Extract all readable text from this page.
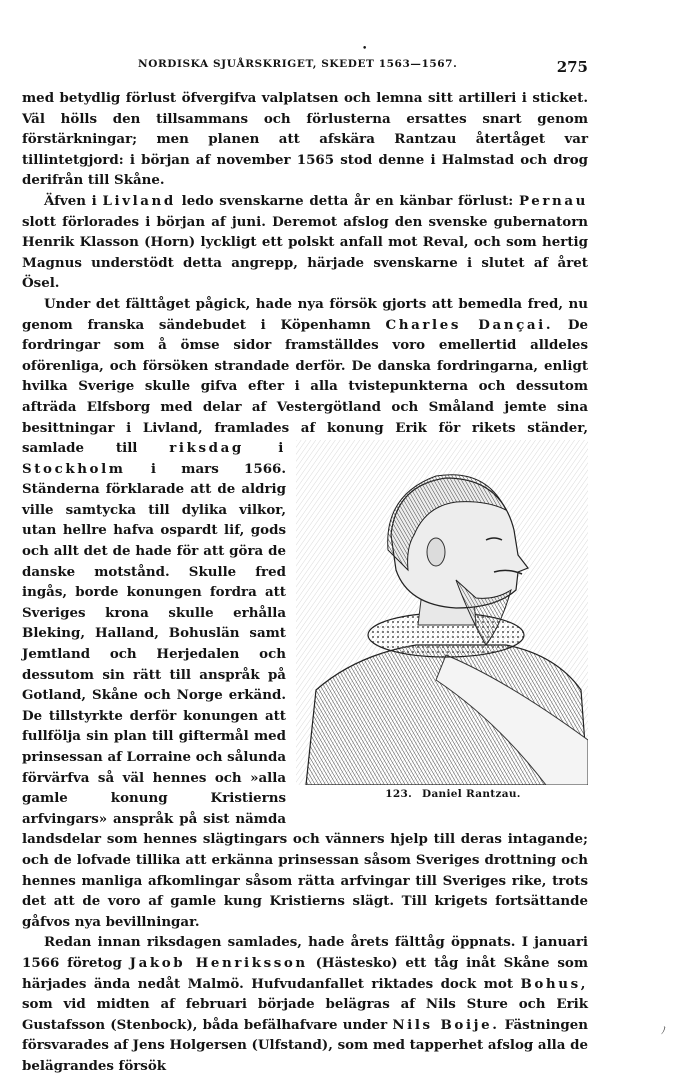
•
NORDISKA SJUÅRSKRIGET, SKEDET 1563—1567.	275

med betydlig förlust öfvergifva valplatsen och lemna sitt artilleri i sticket. Väl hölls den tillsammans och förlusterna ersattes snart genom förstärkningar; men planen att afskära Rantzau återtåget var tillintetgjord: i början af november 1565 stod denne i Halmstad och drog derifrån till Skåne.

Äfven i Livland ledo svenskarne detta år en känbar förlust: Pernau slott förlorades i början af juni. Deremot afslog den svenske gubernatorn Henrik Klasson (Horn) lyckligt ett polskt anfall mot Reval, och som hertig Magnus understödt detta angrepp, härjade svenskarne i slutet af året Ösel.

Under det fälttåget pågick, hade nya försök gjorts att bemedla fred, nu genom franska sändebudet i Köpenhamn Charles Dançai. De fordringar som å ömse sidor framställdes voro emellertid alldeles oförenliga, och försöken strandade derför. De danska fordringarna, enligt hvilka Sverige skulle gifva efter i alla tvistepunkterna och dessutom afträda Elfsborg med delar af Vestergötland och Småland jemte sina besittningar i Livland, framlades af konung Erik för rikets ständer, samlade till
123. Daniel Rantzau.
riksdag i Stockholm i mars 1566. Ständerna förklarade att de aldrig ville samtycka till dylika vilkor, utan hellre hafva ospardt lif, gods och allt det de hade för att göra de danske motstånd. Skulle fred ingås, borde konungen fordra att Sveriges krona skulle erhålla Bleking, Halland, Bohuslän samt Jemtland och Herjedalen och dessutom sin rätt till anspråk på Gotland, Skåne och Norge erkänd. De tillstyrkte derför konungen att fullfölja sin plan till giftermål med prinsessan af Lorraine och sålunda förvärfva så väl hennes och »alla gamle konung Kristierns arfvingars» anspråk på sist nämda landsdelar som hennes slägtingars och vänners hjelp till deras intagande; och de lofvade tillika att erkänna prinsessan såsom Sveriges drottning och hennes manliga afkomlingar såsom rätta arfvingar till Sveriges rike, trots det att de voro af gamle kung Kristierns slägt. Till krigets fortsättande gåfvos nya bevillningar.

Redan innan riksdagen samlades, hade årets fälttåg öppnats. I januari 1566 företog Jakob Henriksson (Hästesko) ett tåg inåt Skåne som härjades ända nedåt Malmö. Hufvudanfallet riktades dock mot Bohus, som vid midten af februari började belägras af Nils Sture och Erik Gustafsson (Stenbock), båda befälhafvare under Nils Boije. Fästningen försvarades af Jens Holgersen (Ulfstand), som med tapperhet afslog alla de belägrandes försök

ﾉ
